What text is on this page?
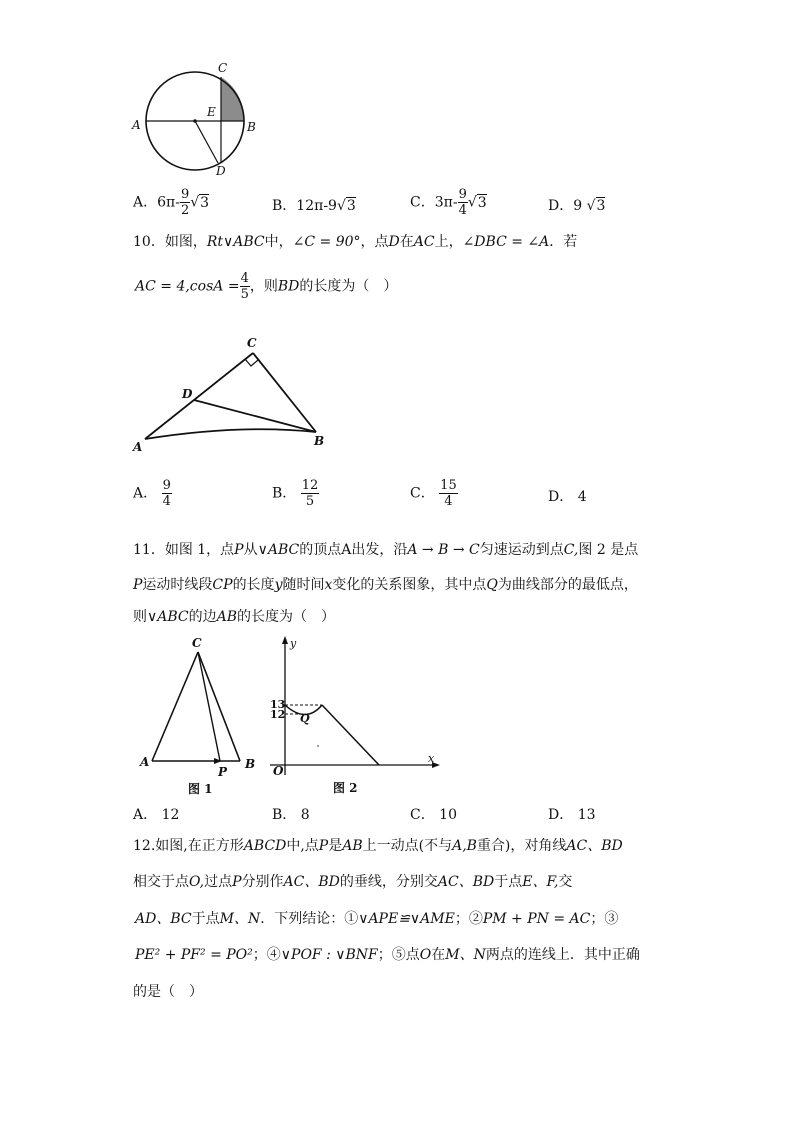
C
A	B
E
D
A．$6\pi- \frac{9}{2} √3$	B．12π-9√3	C．$3\pi- \frac{9}{4} √3$	D．9 √3
10．如图，Rt∨ABC中，∠C = 90°，点D在AC上，∠DBC = ∠A．若
AC = $4,\cos A = \frac{4}{5}$ ，则BD的长度为（　）
C
D
A	B
A． $\frac{9}{4}$	B． $\frac{12}{5}$	C． $\frac{15}{4}$	D． 4
11．如图 1，点P从∨ABC的顶点A出发，沿A → B → C匀速运动到点C,图 2 是点
P运动时线段CP的长度y随时间x变化的关系图象，其中点Q为曲线部分的最低点，
则∨ABC的边AB的长度为（　）
C
A	B
P
图 1
y
x
O
13
12 Q
图 2
A． 12	B． 8	C． 10	D． 13
12.如图,在正方形ABCD中,点P是AB上一动点(不与A,B重合)，对角线AC、BD
相交于点O,过点P分别作AC、BD的垂线，分别交AC、BD于点E、F,交
AD、BC于点M、N．下列结论：①∨APE≌∨AME；②PM + PN = AC；③
PE² + PF² = PO²；④∨POF : ∨BNF；⑤点O在M、N两点的连线上．其中正确
的是（　）
